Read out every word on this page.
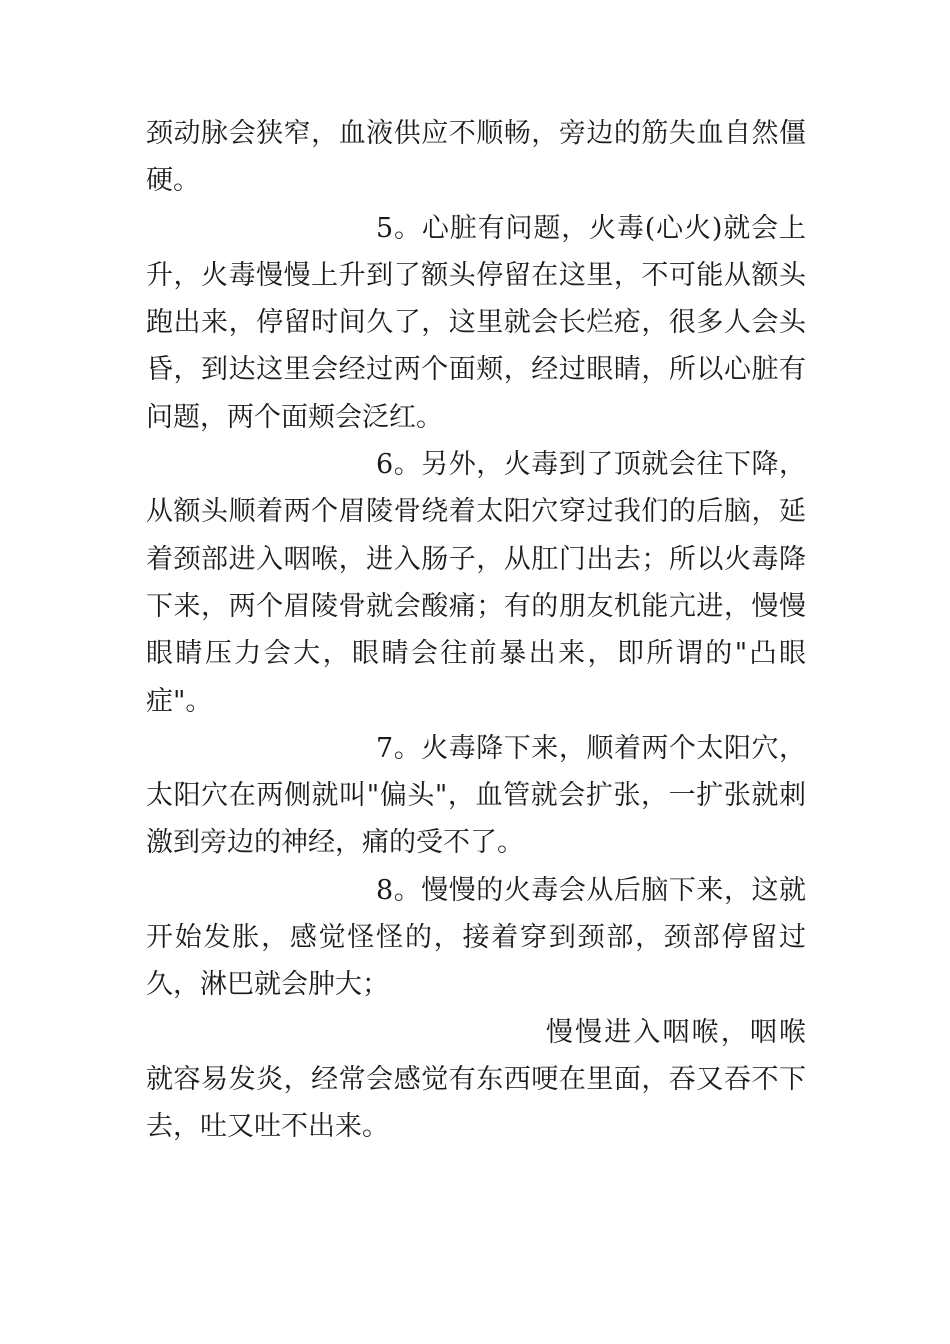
颈动脉会狭窄，血液供应不顺畅，旁边的筋失血自然僵硬。

5。心脏有问题，火毒(心火)就会上升，火毒慢慢上升到了额头停留在这里，不可能从额头跑出来，停留时间久了，这里就会长烂疮，很多人会头昏，到达这里会经过两个面颊，经过眼睛，所以心脏有问题，两个面颊会泛红。

6。另外，火毒到了顶就会往下降，从额头顺着两个眉陵骨绕着太阳穴穿过我们的后脑，延着颈部进入咽喉，进入肠子，从肛门出去；所以火毒降下来，两个眉陵骨就会酸痛；有的朋友机能亢进，慢慢眼睛压力会大，眼睛会往前暴出来，即所谓的"凸眼症"。

7。火毒降下来，顺着两个太阳穴，太阳穴在两侧就叫"偏头"，血管就会扩张，一扩张就刺激到旁边的神经，痛的受不了。

8。慢慢的火毒会从后脑下来，这就开始发胀，感觉怪怪的，接着穿到颈部，颈部停留过久，淋巴就会肿大；

慢慢进入咽喉，咽喉就容易发炎，经常会感觉有东西哽在里面，吞又吞不下去，吐又吐不出来。
